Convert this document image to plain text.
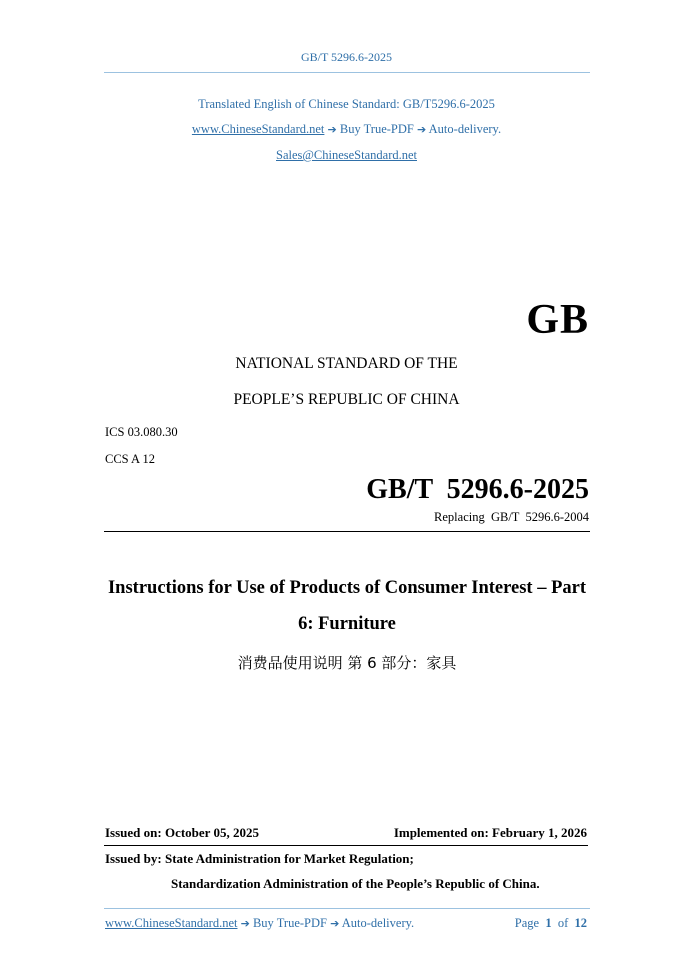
GB/T 5296.6-2025
Translated English of Chinese Standard: GB/T5296.6-2025
www.ChineseStandard.net ➔ Buy True-PDF ➔ Auto-delivery.
Sales@ChineseStandard.net
GB
NATIONAL STANDARD OF THE
PEOPLE’S REPUBLIC OF CHINA
ICS 03.080.30
CCS A 12
GB/T  5296.6-2025
Replacing  GB/T  5296.6-2004
Instructions for Use of Products of Consumer Interest – Part
6: Furniture
消费品使用说明 第 6 部分：家具
Issued on: October 05, 2025	Implemented on: February 1, 2026
Issued by: State Administration for Market Regulation;
Standardization Administration of the People’s Republic of China.
www.ChineseStandard.net ➔ Buy True-PDF ➔ Auto-delivery.	Page 1 of 12
